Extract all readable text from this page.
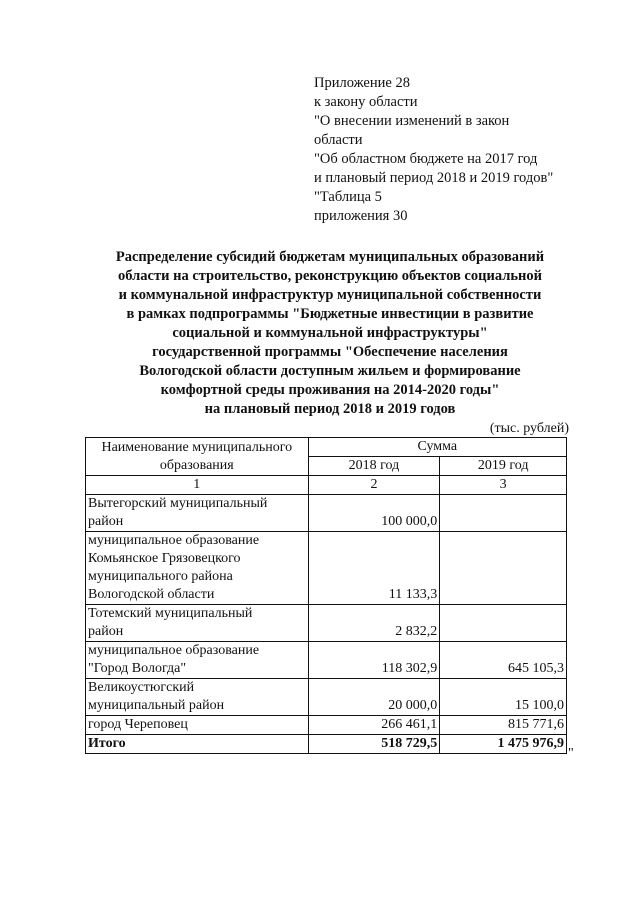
Приложение 28
к закону области
"О внесении изменений в закон
области
"Об областном бюджете на 2017 год
и плановый период 2018 и 2019 годов"
"Таблица 5
приложения 30
Распределение субсидий бюджетам муниципальных образований
области на строительство, реконструкцию объектов социальной
и коммунальной инфраструктур муниципальной собственности
в рамках подпрограммы "Бюджетные инвестиции в развитие
социальной и коммунальной инфраструктуры"
государственной программы "Обеспечение населения
Вологодской области доступным жильем и формирование
комфортной среды проживания на 2014-2020 годы"
на плановый период 2018 и 2019 годов
(тыс. рублей)
Наименование муниципального образования	Сумма	
	2018 год	2019 год
1	2	3

Вытегорский муниципальный
район	100 000,0	

муниципальное образование
Комьянское Грязовецкого
муниципального района
Вологодской области	11 133,3	

Тотемский муниципальный
район	2 832,2	

муниципальное образование
"Город Вологда"	118 302,9	645 105,3

Великоустюгский
муниципальный район	20 000,0	15 100,0

город Череповец	266 461,1	815 771,6
Итого	518 729,5	1 475 976,9
"
